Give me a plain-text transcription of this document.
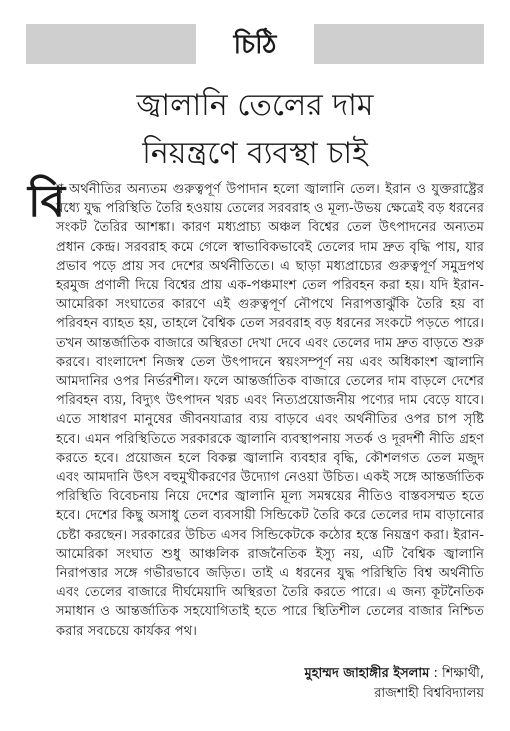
চিঠি
জ্বালানি তেলের দাম
নিয়ন্ত্রণে ব্যবস্থা চাই
বি
শ্ব অর্থনীতির অন্যতম গুরুত্বপূর্ণ উপাদান হলো জ্বালানি তেল। ইরান ও যুক্তরাষ্ট্রের মধ্যে যুদ্ধ পরিস্থিতি তৈরি হওয়ায় তেলের সরবরাহ ও মূল্য-উভয় ক্ষেত্রেই বড় ধরনের সংকট তৈরির আশঙ্কা। কারণ মধ্যপ্রাচ্য অঞ্চল বিশ্বের তেল উৎপাদনের অন্যতম প্রধান কেন্দ্র। সরবরাহ কমে গেলে স্বাভাবিকভাবেই তেলের দাম দ্রুত বৃদ্ধি পায়, যার প্রভাব পড়ে প্রায় সব দেশের অর্থনীতিতে। এ ছাড়া মধ্যপ্রাচ্যের গুরুত্বপূর্ণ সমুদ্রপথ হরমুজ প্রণালী দিয়ে বিশ্বের প্রায় এক-পঞ্চমাংশ তেল পরিবহন করা হয়। যদি ইরান-আমেরিকা সংঘাতের কারণে এই গুরুত্বপূর্ণ নৌপথে নিরাপত্তাঝুঁকি তৈরি হয় বা পরিবহন ব্যাহত হয়, তাহলে বৈশ্বিক তেল সরবরাহ বড় ধরনের সংকটে পড়তে পারে। তখন আন্তর্জাতিক বাজারে অস্থিরতা দেখা দেবে এবং তেলের দাম দ্রুত বাড়তে শুরু করবে। বাংলাদেশ নিজস্ব তেল উৎপাদনে স্বয়ংসম্পূর্ণ নয় এবং অধিকাংশ জ্বালানি আমদানির ওপর নির্ভরশীল। ফলে আন্তর্জাতিক বাজারে তেলের দাম বাড়লে দেশের পরিবহন ব্যয়, বিদ্যুৎ উৎপাদন খরচ এবং নিত্যপ্রয়োজনীয় পণ্যের দাম বেড়ে যাবে। এতে সাধারণ মানুষের জীবনযাত্রার ব্যয় বাড়বে এবং অর্থনীতির ওপর চাপ সৃষ্টি হবে। এমন পরিস্থিতিতে সরকারকে জ্বালানি ব্যবস্থাপনায় সতর্ক ও দূরদর্শী নীতি গ্রহণ করতে হবে। প্রয়োজন হলে বিকল্প জ্বালানি ব্যবহার বৃদ্ধি, কৌশলগত তেল মজুদ এবং আমদানি উৎস বহুমুখীকরণের উদ্যোগ নেওয়া উচিত। একই সঙ্গে আন্তর্জাতিক পরিস্থিতি বিবেচনায় নিয়ে দেশের জ্বালানি মূল্য সমন্বয়ের নীতিও বাস্তবসম্মত হতে হবে। দেশের কিছু অসাধু তেল ব্যবসায়ী সিন্ডিকেট তৈরি করে তেলের দাম বাড়ানোর চেষ্টা করছেন। সরকারের উচিত এসব সিন্ডিকেটকে কঠোর হস্তে নিয়ন্ত্রণ করা। ইরান-আমেরিকা সংঘাত শুধু আঞ্চলিক রাজনৈতিক ইস্যু নয়, এটি বৈশ্বিক জ্বালানি নিরাপত্তার সঙ্গে গভীরভাবে জড়িত। তাই এ ধরনের যুদ্ধ পরিস্থিতি বিশ্ব অর্থনীতি এবং তেলের বাজারে দীর্ঘমেয়াদি অস্থিরতা তৈরি করতে পারে। এ জন্য কূটনৈতিক সমাধান ও আন্তর্জাতিক সহযোগিতাই হতে পারে স্থিতিশীল তেলের বাজার নিশ্চিত করার সবচেয়ে কার্যকর পথ।
মুহাম্মদ জাহাঙ্গীর ইসলাম : শিক্ষার্থী,
রাজশাহী বিশ্ববিদ্যালয়
